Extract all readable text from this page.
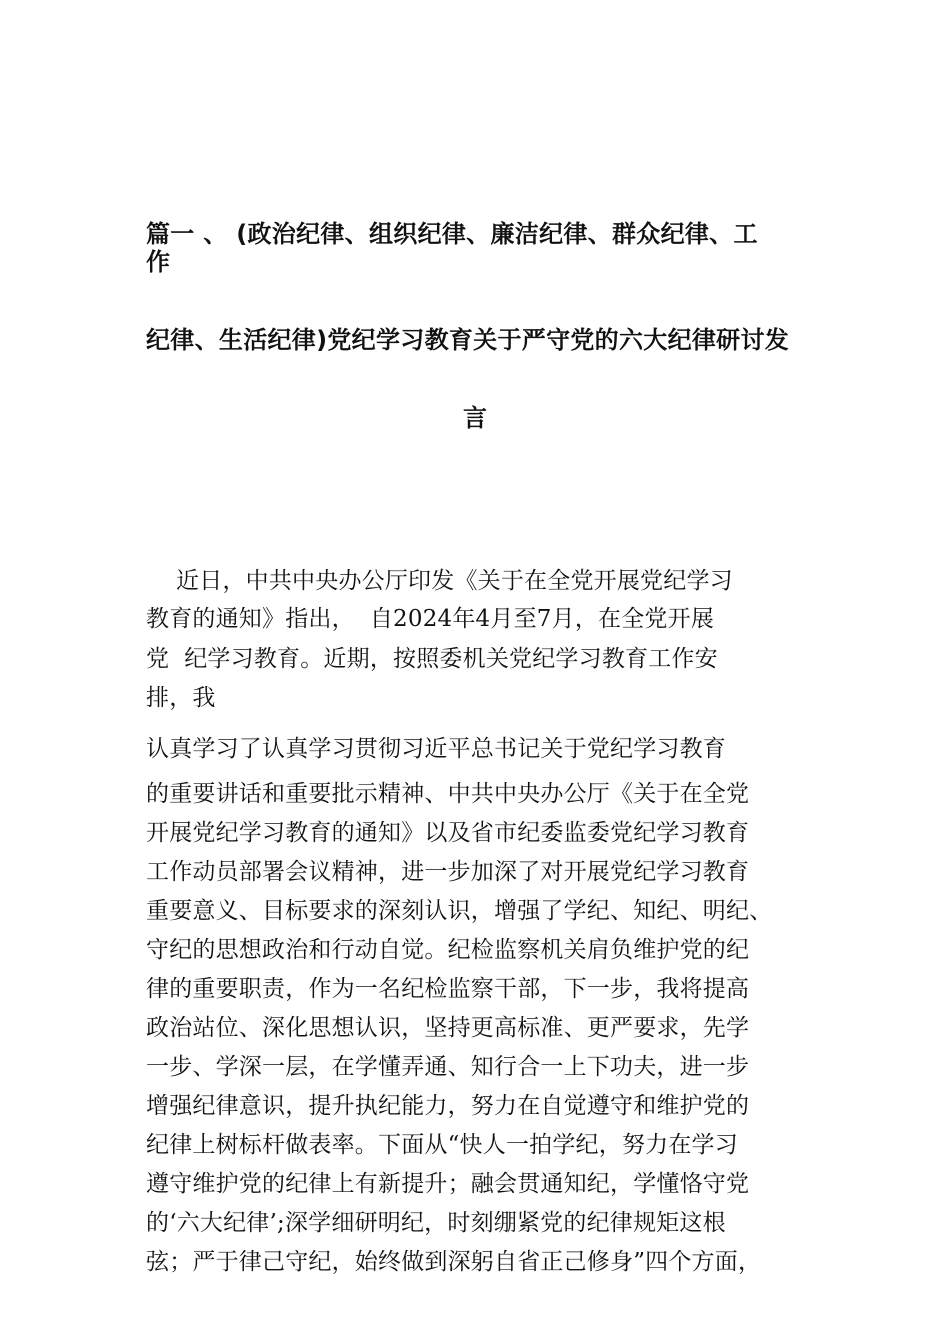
篇一 、 (政治纪律、组织纪律、廉洁纪律、群众纪律、工
作
纪律、生活纪律)党纪学习教育关于严守党的六大纪律研讨发
言
近日，中共中央办公厅印发《关于在全党开展党纪学习
教育的通知》指出，  自2024年4月至7月，在全党开展
党  纪学习教育。近期，按照委机关党纪学习教育工作安
排，我
认真学习了认真学习贯彻习近平总书记关于党纪学习教育
的重要讲话和重要批示精神、中共中央办公厅《关于在全党
开展党纪学习教育的通知》以及省市纪委监委党纪学习教育
工作动员部署会议精神，进一步加深了对开展党纪学习教育
重要意义、目标要求的深刻认识，增强了学纪、知纪、明纪、
守纪的思想政治和行动自觉。纪检监察机关肩负维护党的纪
律的重要职责，作为一名纪检监察干部，下一步，我将提高
政治站位、深化思想认识，坚持更高标准、更严要求，先学
一步、学深一层，在学懂弄通、知行合一上下功夫，进一步
增强纪律意识，提升执纪能力，努力在自觉遵守和维护党的
纪律上树标杆做表率。下面从“快人一拍学纪，努力在学习
遵守维护党的纪律上有新提升；融会贯通知纪，学懂恪守党
的‘六大纪律’;深学细研明纪，时刻绷紧党的纪律规矩这根
弦；严于律己守纪，始终做到深躬自省正己修身”四个方面，
